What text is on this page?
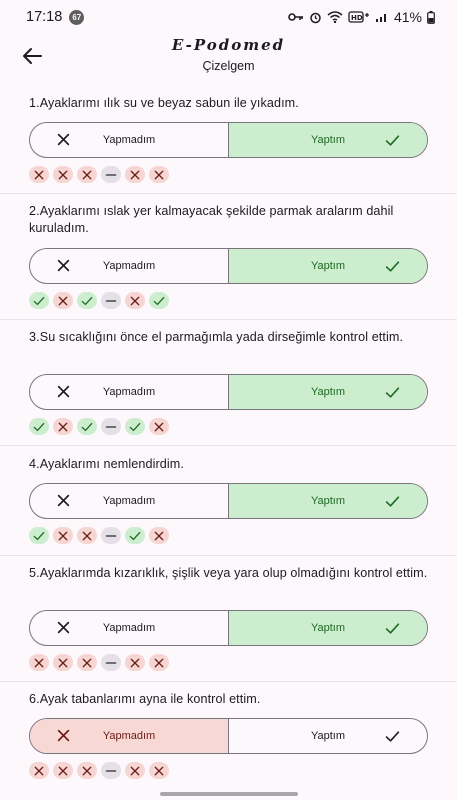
17:18	67	HD 41%
E-Podomed
Çizelgem
1.Ayaklarımı ılık su ve beyaz sabun ile yıkadım.
Yapmadım	Yaptım
2.Ayaklarımı ıslak yer kalmayacak şekilde parmak aralarım dahil kuruladım.
Yapmadım	Yaptım
3.Su sıcaklığını önce el parmağımla yada dirseğimle kontrol ettim.
Yapmadım	Yaptım
4.Ayaklarımı nemlendirdim.
Yapmadım	Yaptım
5.Ayaklarımda kızarıklık, şişlik veya yara olup olmadığını kontrol ettim.
Yapmadım	Yaptım
6.Ayak tabanlarımı ayna ile kontrol ettim.
Yapmadım	Yaptım
